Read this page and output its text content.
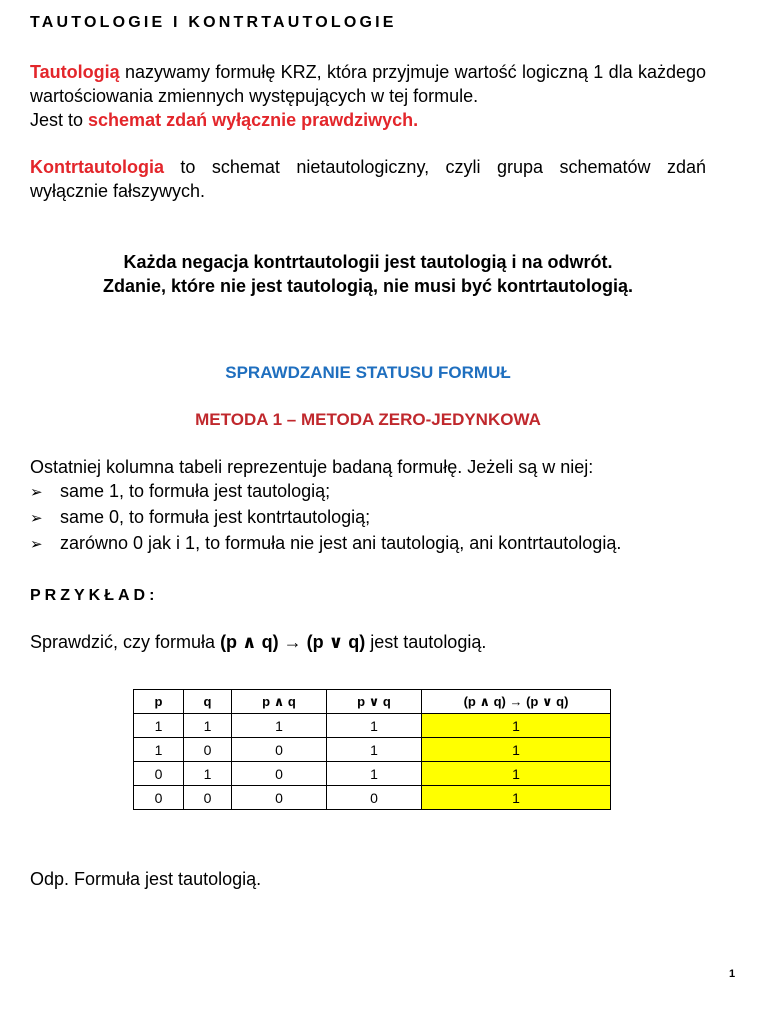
TAUTOLOGIE I KONTRTAUTOLOGIE
Tautologią nazywamy formułę KRZ, która przyjmuje wartość logiczną 1 dla każdego wartościowania zmiennych występujących w tej formule.
Jest to schemat zdań wyłącznie prawdziwych.
Kontrtautologia to schemat nietautologiczny, czyli grupa schematów zdań wyłącznie fałszywych.
Każda negacja kontrtautologii jest tautologią i na odwrót.
Zdanie, które nie jest tautologią, nie musi być kontrtautologią.
SPRAWDZANIE STATUSU FORMUŁ
METODA 1 – METODA ZERO-JEDYNKOWA
Ostatniej kolumna tabeli reprezentuje badaną formułę. Jeżeli są w niej:
➢ same 1, to formuła jest tautologią;
➢ same 0, to formuła jest kontrtautologią;
➢ zarówno 0 jak i 1, to formuła nie jest ani tautologią, ani kontrtautologią.
PRZYKŁAD:
Sprawdzić, czy formuła (p ∧ q) → (p ∨ q) jest tautologią.
p	q	p ∧ q	p ∨ q	(p ∧ q) → (p ∨ q)
1	1	1	1	1
1	0	0	1	1
0	1	0	1	1
0	0	0	0	1
Odp. Formuła jest tautologią.
1
